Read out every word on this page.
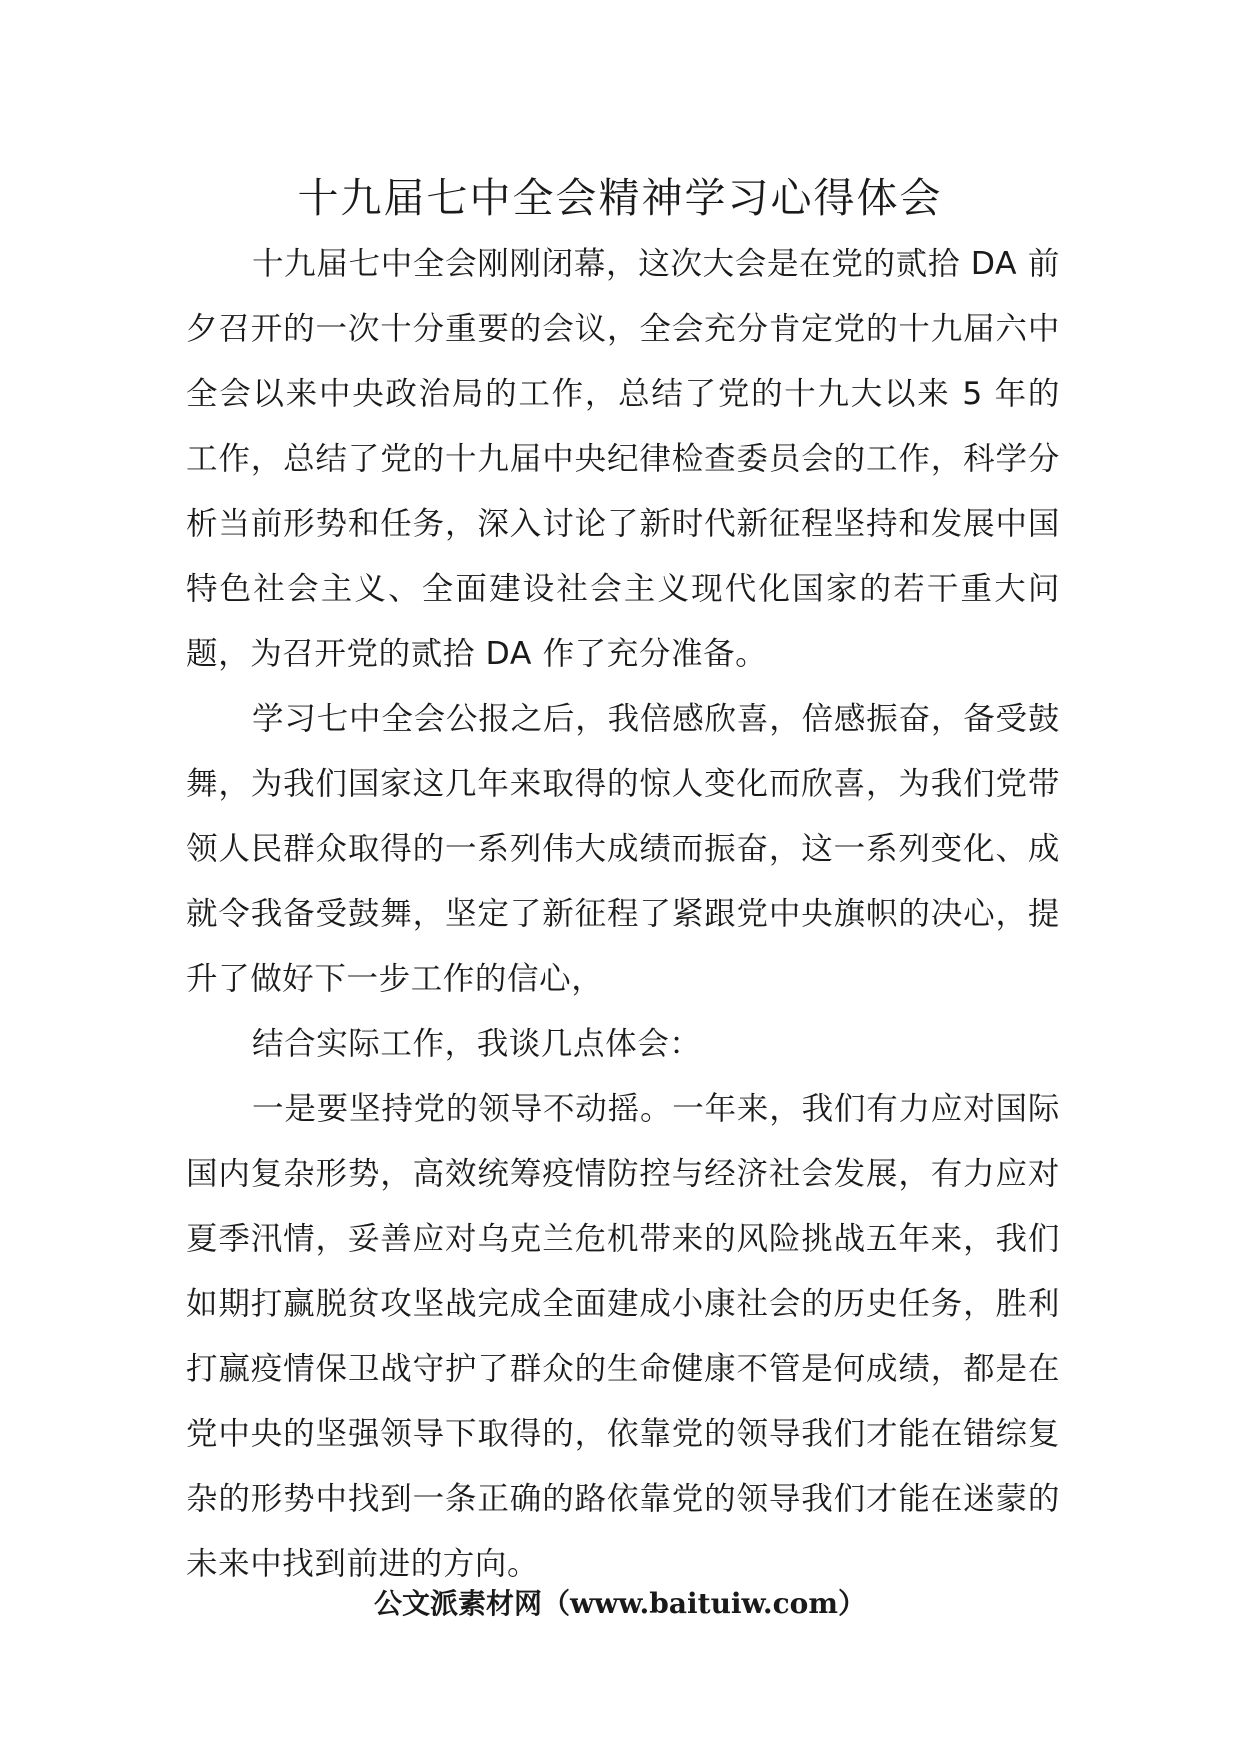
十九届七中全会精神学习心得体会

十九届七中全会刚刚闭幕，这次大会是在党的贰拾 DA 前夕召开的一次十分重要的会议，全会充分肯定党的十九届六中全会以来中央政治局的工作，总结了党的十九大以来 5 年的工作，总结了党的十九届中央纪律检查委员会的工作，科学分析当前形势和任务，深入讨论了新时代新征程坚持和发展中国特色社会主义、全面建设社会主义现代化国家的若干重大问题，为召开党的贰拾 DA 作了充分准备。

学习七中全会公报之后，我倍感欣喜，倍感振奋，备受鼓舞，为我们国家这几年来取得的惊人变化而欣喜，为我们党带领人民群众取得的一系列伟大成绩而振奋，这一系列变化、成就令我备受鼓舞，坚定了新征程了紧跟党中央旗帜的决心，提升了做好下一步工作的信心，

结合实际工作，我谈几点体会：

一是要坚持党的领导不动摇。一年来，我们有力应对国际国内复杂形势，高效统筹疫情防控与经济社会发展，有力应对夏季汛情，妥善应对乌克兰危机带来的风险挑战五年来，我们如期打赢脱贫攻坚战完成全面建成小康社会的历史任务，胜利打赢疫情保卫战守护了群众的生命健康不管是何成绩，都是在党中央的坚强领导下取得的，依靠党的领导我们才能在错综复杂的形势中找到一条正确的路依靠党的领导我们才能在迷蒙的未来中找到前进的方向。

公文派素材网（www.baituiw.com）
